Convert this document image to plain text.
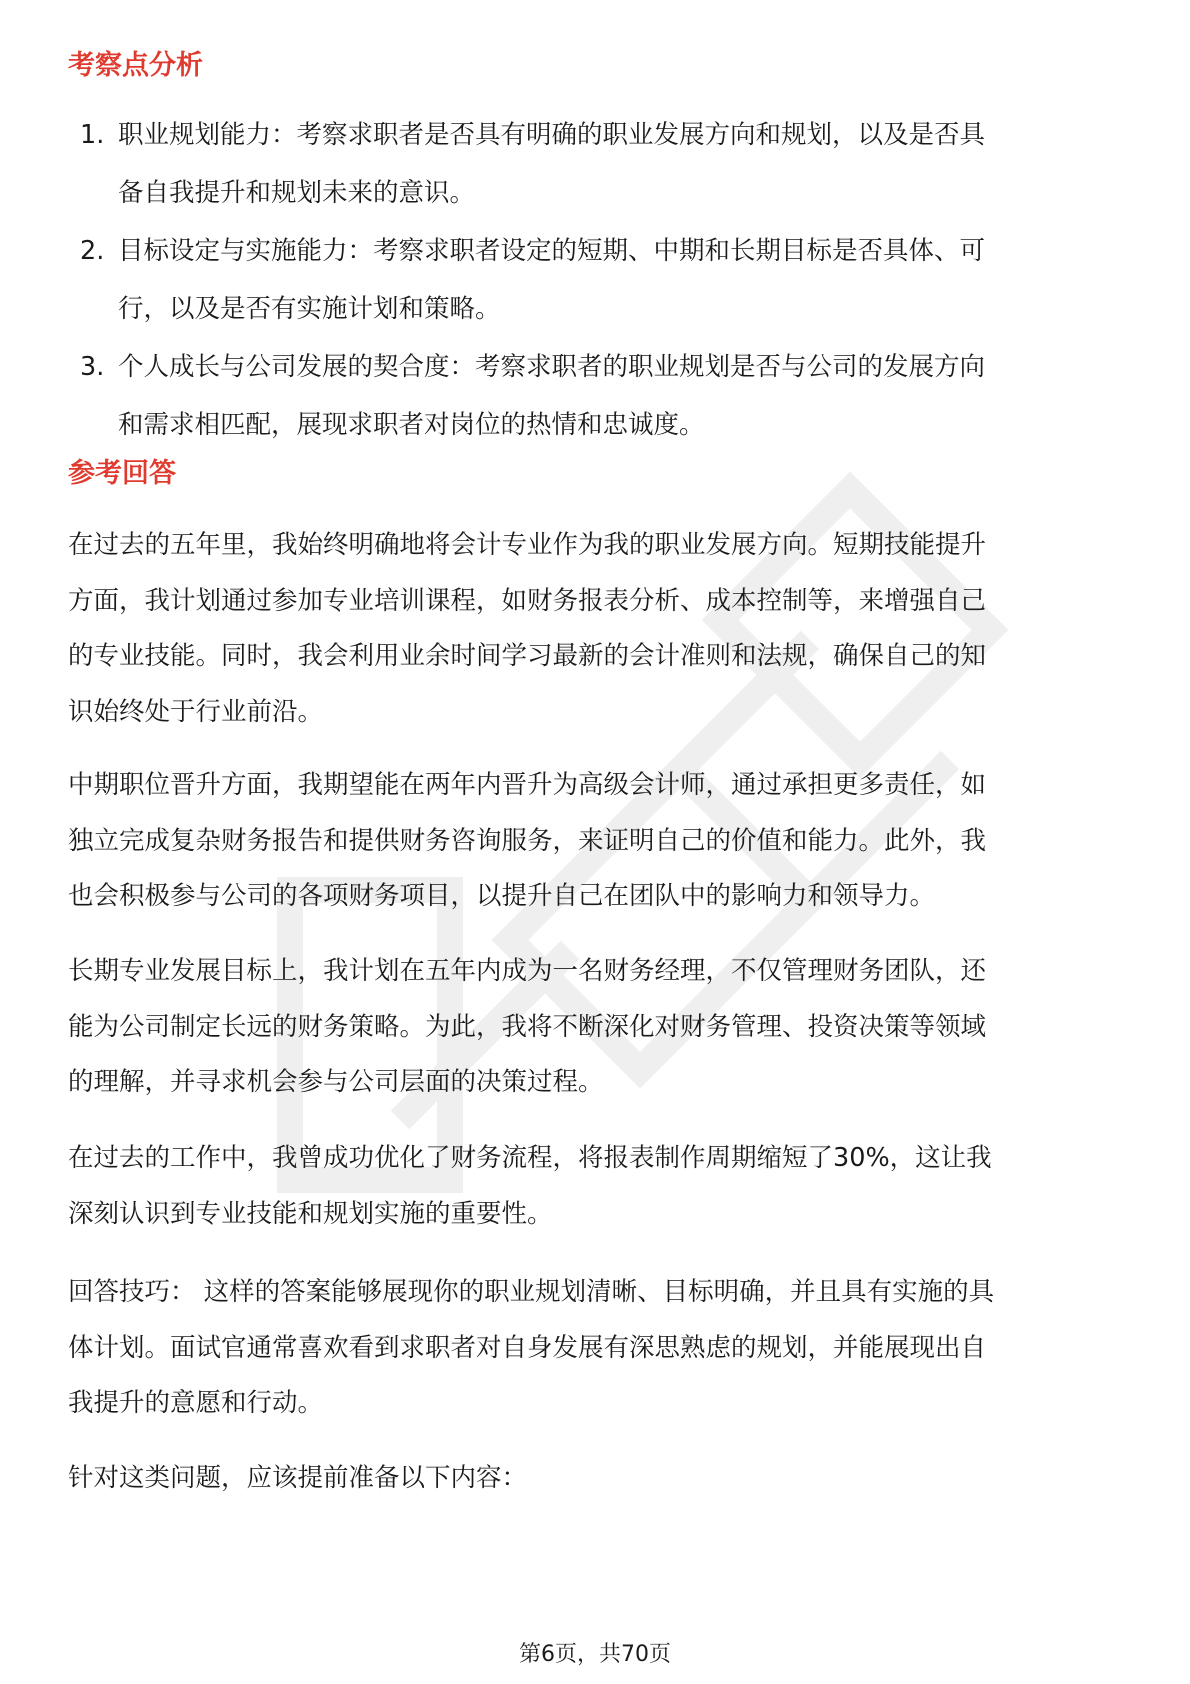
考察点分析
1. 职业规划能力：考察求职者是否具有明确的职业发展方向和规划，以及是否具
备自我提升和规划未来的意识。
2. 目标设定与实施能力：考察求职者设定的短期、中期和长期目标是否具体、可
行，以及是否有实施计划和策略。
3. 个人成长与公司发展的契合度：考察求职者的职业规划是否与公司的发展方向
和需求相匹配，展现求职者对岗位的热情和忠诚度。
参考回答

在过去的五年里，我始终明确地将会计专业作为我的职业发展方向。短期技能提升
方面，我计划通过参加专业培训课程，如财务报表分析、成本控制等，来增强自己
的专业技能。同时，我会利用业余时间学习最新的会计准则和法规，确保自己的知
识始终处于行业前沿。

中期职位晋升方面，我期望能在两年内晋升为高级会计师，通过承担更多责任，如
独立完成复杂财务报告和提供财务咨询服务，来证明自己的价值和能力。此外，我
也会积极参与公司的各项财务项目，以提升自己在团队中的影响力和领导力。

长期专业发展目标上，我计划在五年内成为一名财务经理，不仅管理财务团队，还
能为公司制定长远的财务策略。为此，我将不断深化对财务管理、投资决策等领域
的理解，并寻求机会参与公司层面的决策过程。

在过去的工作中，我曾成功优化了财务流程，将报表制作周期缩短了30%，这让我
深刻认识到专业技能和规划实施的重要性。

回答技巧： 这样的答案能够展现你的职业规划清晰、目标明确，并且具有实施的具
体计划。面试官通常喜欢看到求职者对自身发展有深思熟虑的规划，并能展现出自
我提升的意愿和行动。

针对这类问题，应该提前准备以下内容：

第6页，共70页
